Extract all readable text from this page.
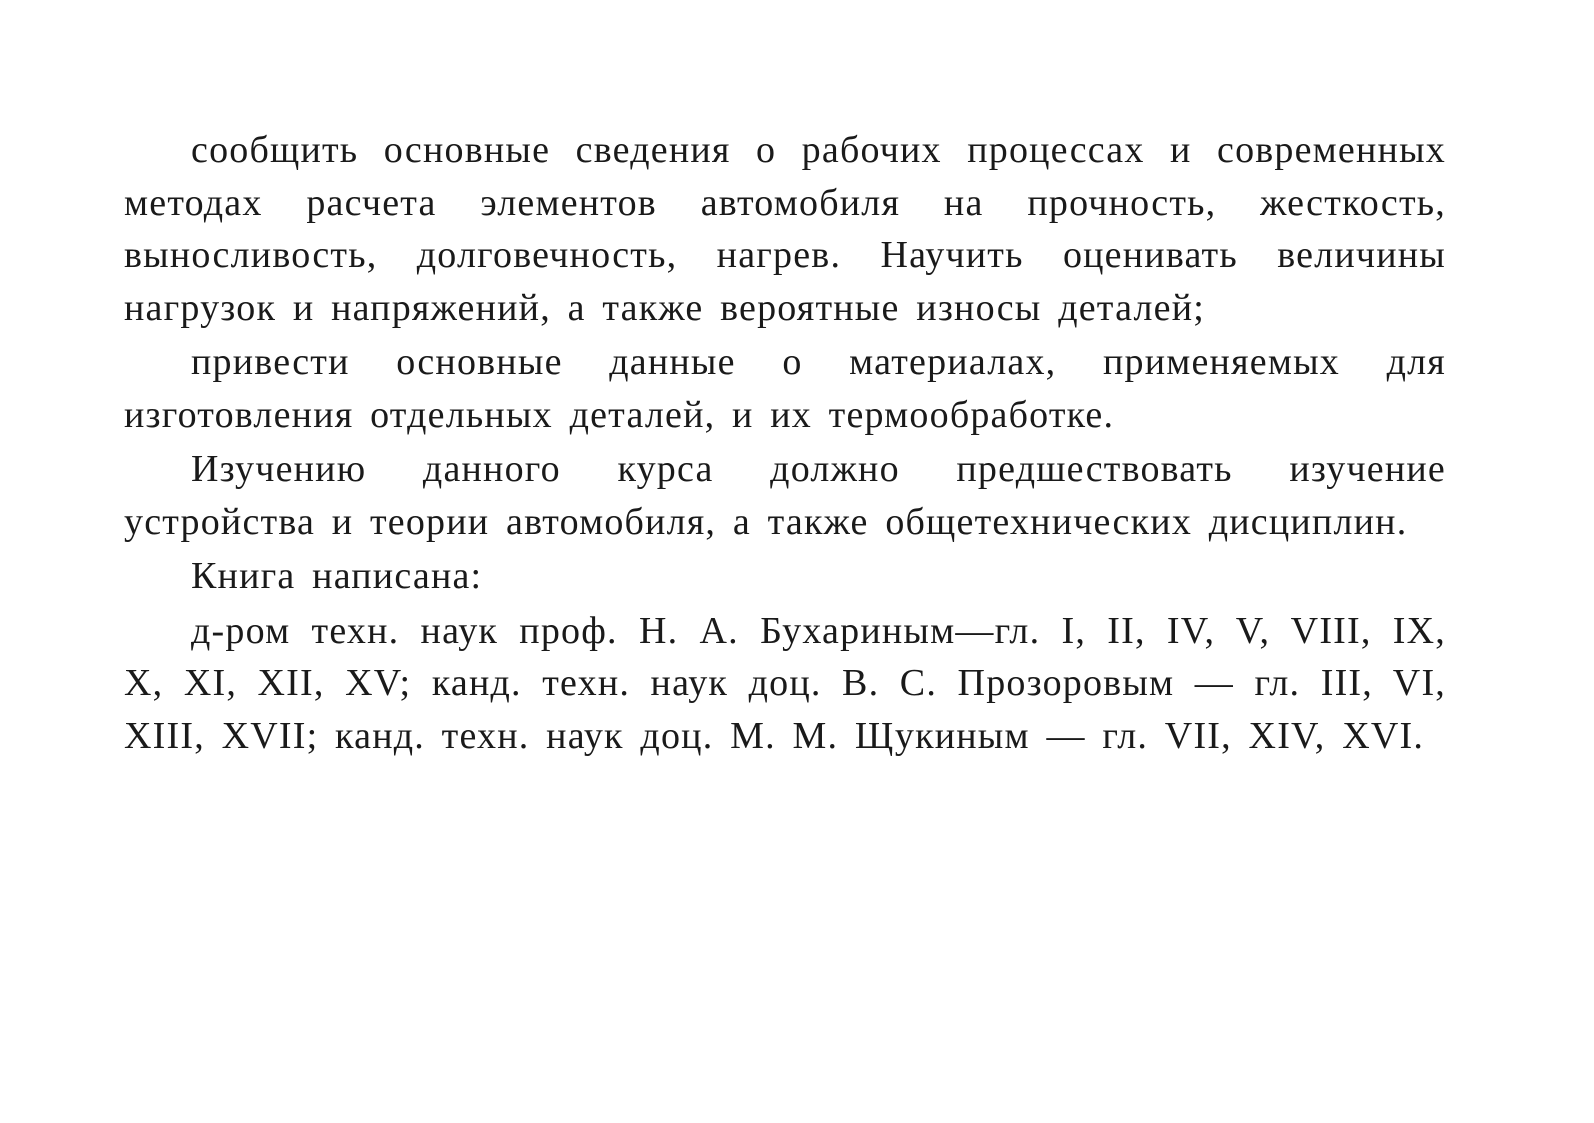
сообщить основные сведения о рабочих процессах и современных методах расчета элементов автомобиля на прочность, жесткость, выносливость, долговечность, нагрев. Научить оценивать величины нагрузок и напряжений, а также вероятные износы деталей;

привести основные данные о материалах, применяемых для изготовления отдельных деталей, и их термообработке.

Изучению данного курса должно предшествовать изучение устройства и теории автомобиля, а также общетехнических дисциплин.

Книга написана:

д-ром техн. наук проф. Н. А. Бухариным—гл. I, II, IV, V, VIII, IX, X, XI, XII, XV; канд. техн. наук доц. В. С. Прозоровым — гл. III, VI, XIII, XVII; канд. техн. наук доц. М. М. Щукиным — гл. VII, XIV, XVI.
